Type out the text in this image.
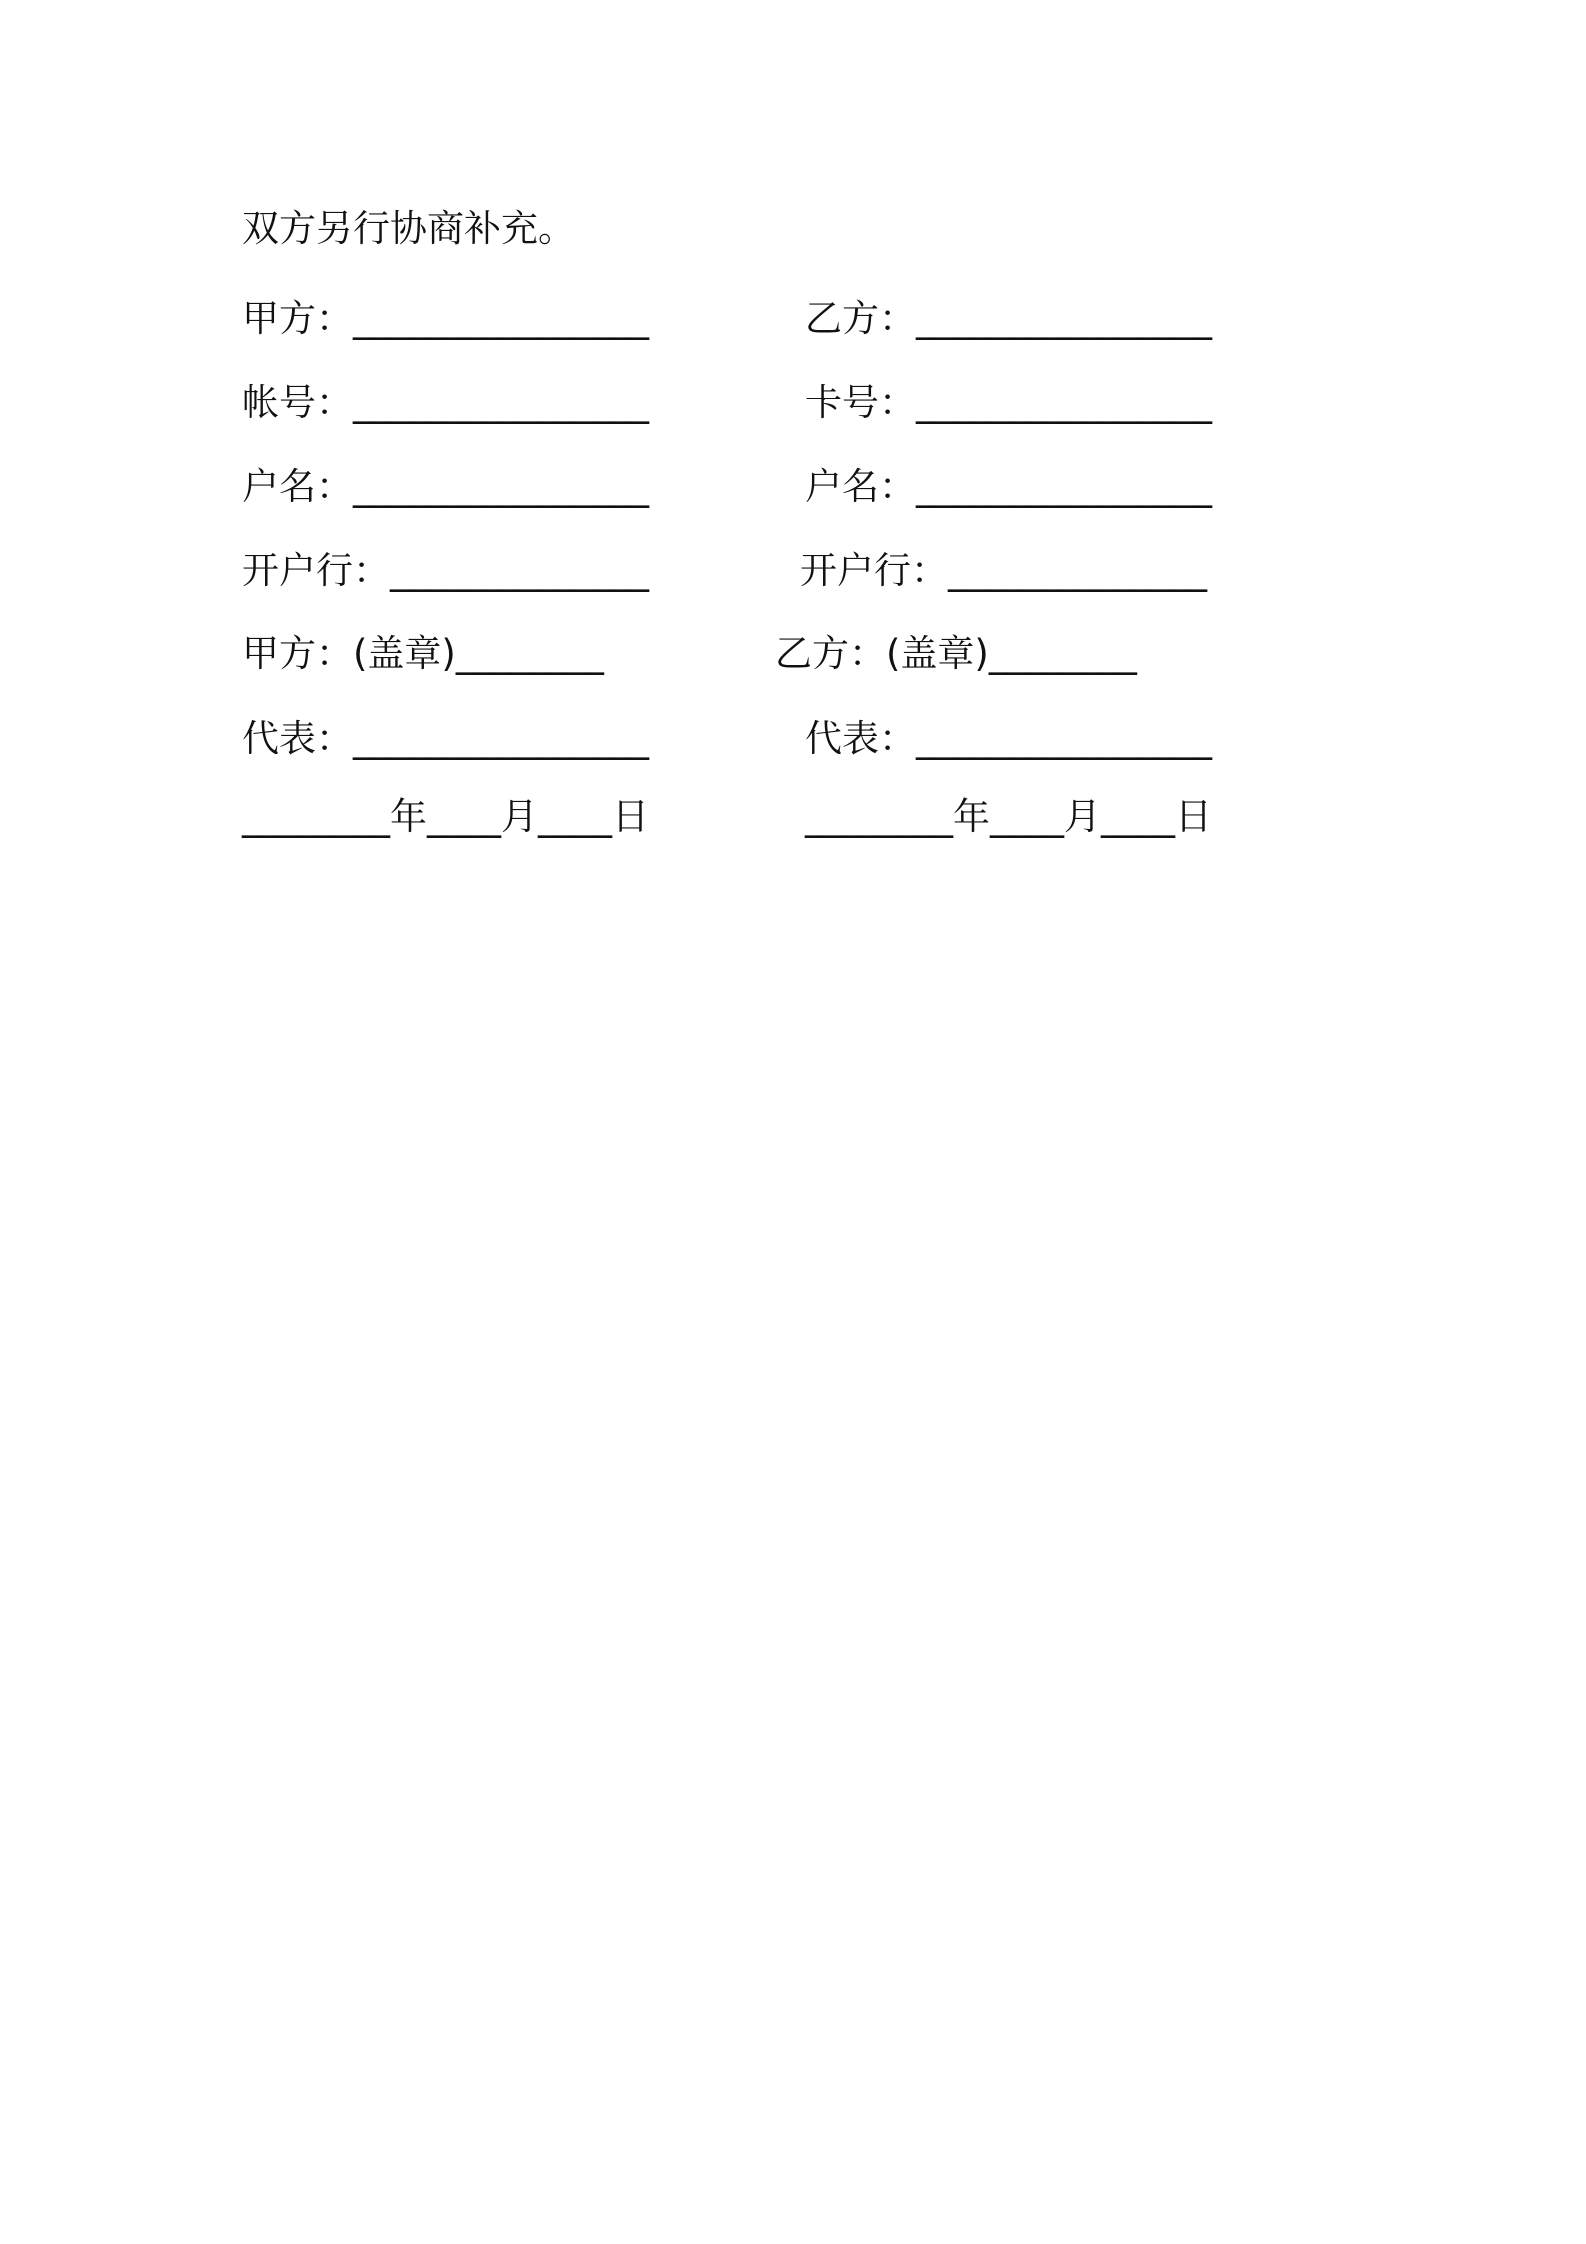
双方另行协商补充。
甲方：________________	乙方：________________
帐号：________________	卡号：________________
户名：________________	户名：________________
开户行：______________	开户行：______________
甲方：(盖章)________	乙方：(盖章)________
代表：________________	代表：________________
________年____月____日	________年____月____日
